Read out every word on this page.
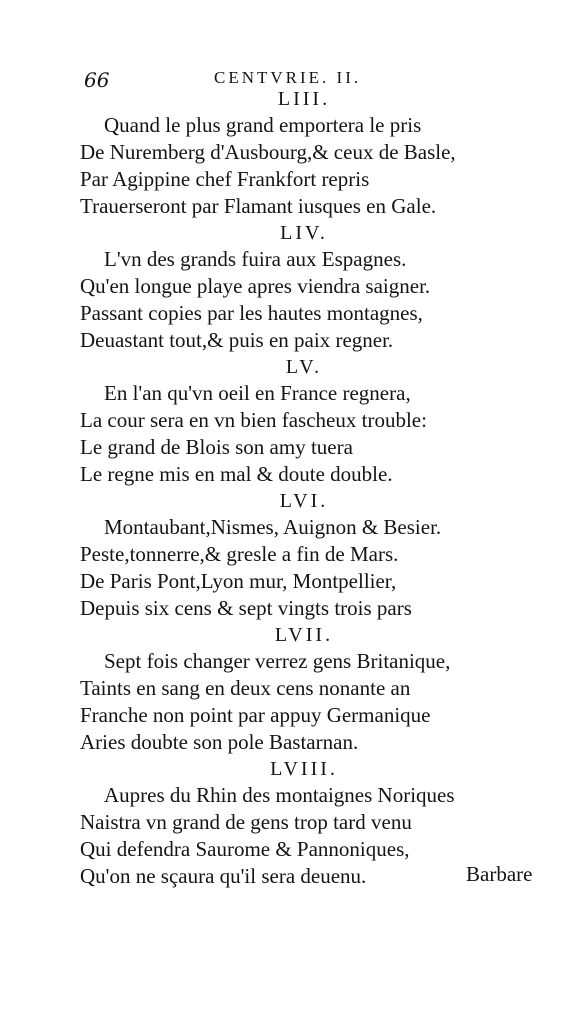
66	CENTVRIE. II.
LIII.
Quand le plus grand emportera le pris
De Nuremberg d'Ausbourg,& ceux de Basle,
Par Agippine chef Frankfort repris
Trauerseront par Flamant iusques en Gale.
LIV.
L'vn des grands fuira aux Espagnes.
Qu'en longue playe apres viendra saigner.
Passant copies par les hautes montagnes,
Deuastant tout,& puis en paix regner.
LV.
En l'an qu'vn oeil en France regnera,
La cour sera en vn bien fascheux trouble:
Le grand de Blois son amy tuera
Le regne mis en mal & doute double.
LVI.
Montaubant,Nismes, Auignon & Besier.
Peste,tonnerre,& gresle a fin de Mars.
De Paris Pont,Lyon mur, Montpellier,
Depuis six cens & sept vingts trois pars
LVII.
Sept fois changer verrez gens Britanique,
Taints en sang en deux cens nonante an
Franche non point par appuy Germanique
Aries doubte son pole Bastarnan.
LVIII.
Aupres du Rhin des montaignes Noriques
Naistra vn grand de gens trop tard venu
Qui defendra Saurome & Pannoniques,
Qu'on ne sçaura qu'il sera deuenu.	Barbare
